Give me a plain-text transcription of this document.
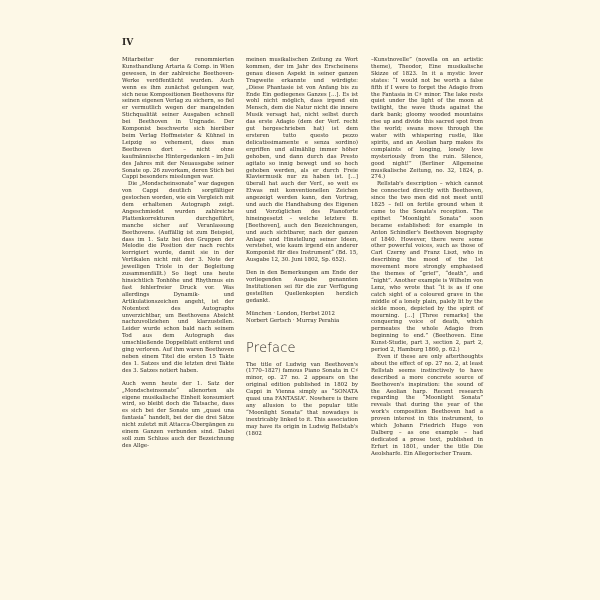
IV

Mitarbeiter der renommierten Kunsthandlung Artaria & Comp. in Wien gewesen, in der zahlreiche Beethoven-Werke veröffentlicht wurden. Auch wenn es ihm zunächst gelungen war, sich neue Kompositionen Beethovens für seinen eigenen Verlag zu sichern, so fiel er vermutlich wegen der mangelnden Stichqualität seiner Ausgaben schnell bei Beethoven in Ungnade. Der Komponist beschwerte sich hierüber beim Verlag Hoffmeister & Kühnel in Leipzig so vehement, dass man Beethoven dort – nicht ohne kaufmännische Hintergedanken – im Juli des Jahres mit der Neuausgabe seiner Sonate op. 26 zuvorkam, deren Stich bei Cappi besonders misslungen war.

Die „Mondscheinsonate“ war dagegen von Cappi deutlich sorgfältiger gestochen worden, wie ein Vergleich mit dem erhaltenen Autograph zeigt. Angeschmiedet wurden zahlreiche Plattenkorrekturen durchgeführt, manche sicher auf Veranlassung Beethovens. (Auffällig ist zum Beispiel, dass im 1. Satz bei den Gruppen der Melodie die Position der nach rechts korrigiert wurde, damit sie in der Vertikalen nicht mit der 3. Note der jeweiligen Triole in der Begleitung zusammenfällt.) So liegt uns heute hinsichtlich Tonhöhe und Rhythmus ein fast fehlerfreier Druck vor. Was allerdings Dynamik- und Artikulationszeichen angeht, ist der Notentext des Autographs unverzichtbar, um Beethovens Absicht nachzuvollziehen und klarzustellen. Leider wurde schon bald nach seinem Tod aus dem Autograph das umschließende Doppelblatt entfernt und ging verloren. Auf ihm waren Beethoven neben einem Titel die ersten 15 Takte des 1. Satzes und die letzten drei Takte des 3. Satzes notiert haben.

Auch wenn heute der 1. Satz der „Mondscheinsonate“ allenorten als eigene musikalische Einheit konsumiert wird, so bleibt doch die Tatsache, dass es sich bei der Sonate um „quasi una fantasia“ handelt, bei der die drei Sätze nicht zuletzt mit Attacca-Übergängen zu einem Ganzen verbunden sind. Dabei soll zum Schluss auch der Bezeichnung des Allge-

meinen musikalischen Zeitung zu Wort kommen, der im Jahr des Erscheinens genau diesen Aspekt in seiner ganzen Tragweite erkannte und würdigte: „Diese Phantasie ist von Anfang bis zu Ende Ein gediegenes Ganzes […]. Es ist wohl nicht möglich, dass irgend ein Mensch, dem die Natur nicht die innere Musik versagt hat, nicht selbst durch das erste Adagio (dem der Verf. recht gut hergeschrieben hat) ist dem ersteren tutto questo pezzo delicatissimamente e senza sordino) ergriffen und allmählig immer höher gehoben, und dann durch das Presto agitato so innig bewegt und so hoch gehoben werden, als er durch Freie Klaviermusik nur zu haben ist. […] überall hat auch der Verf., so weit es Etwas mit konventionellen Zeichen angezeigt werden kann, den Vortrag, und auch die Handhabung des Eigenen und Vorzüglichen des Pianoforte hineingesetzt – welche letztere B. [Beethoven], auch den Bezeichnungen, und auch sichtbarer, nach der ganzen Anlage und Hinstellung seiner Ideen, verstehet, wie kaum irgend ein anderer Komponist für dies Instrument“ (Bd. 15, Ausgabe 12, 30. Juni 1802, Sp. 652).

Den in den Bemerkungen am Ende der vorliegenden Ausgabe genannten Institutionen sei für die zur Verfügung gestellten Quellenkopien herzlich gedankt.

München · London, Herbst 2012
Norbert Gertsch · Murray Perahia

Preface

The title of Ludwig van Beethoven's (1770–1827) famous Piano Sonata in C♯ minor, op. 27 no. 2 appears on the original edition published in 1802 by Cappi in Vienna simply as “SONATA quasi una FANTASIA”. Nowhere is there any allusion to the popular title “Moonlight Sonata” that nowadays is inextricably linked to it. This association may have its origin in Ludwig Rellstab's (1802

–Kunstnovelle” (novella on an artistic theme), Theodor, Eine musikalische Skizze of 1823. In it a mystic lover states: “I would not be worth a false fifth if I were to forget the Adagio from the Fantasia in C♯ minor. The lake rests quiet under the light of the moon at twilight, the wave thuds against the dark bank; gloomy wooded mountains rise up and divide this sacred spot from the world; swans move through the water with whispering rustle, like spirits, and an Aeolian harp makes its complaints of longing, lonely love mysteriously from the ruin. Silence, good night!” (Berliner Allgemeine musikalische Zeitung, no. 32, 1824, p. 274.)

Rellstab's description – which cannot be connected directly with Beethoven, since the two men did not meet until 1825 – fell on fertile ground when it came to the Sonata's reception. The epithet “Moonlight Sonata” soon became established: for example in Anton Schindler's Beethoven biography of 1840. However, there were some other powerful voices, such as those of Carl Czerny and Franz Liszt, who in describing the mood of the 1st movement more strongly emphasised the themes of “grief”, “death”, and “night”. Another example is Wilhelm von Lenz, who wrote that “it is as if one catch sight of a coloured grave in the middle of a lonely plain, palely lit by the sickle moon, depicted by the spirit of mourning. […] [Three remarks] the conquering voice of death, which permeates the whole Adagio from beginning to end.” (Beethoven. Eine Kunst-Studie, part 3, section 2, part 2, period 2, Hamburg 1860, p. 62.)

Even if these are only afterthoughts about the effect of op. 27 no. 2, at least Rellstab seems instinctively to have described a more concrete source of Beethoven's inspiration: the sound of the Aeolian harp. Recent research regarding the “Moonlight Sonata” reveals that during the year of the work's composition Beethoven had a proven interest in this instrument, to which Johann Friedrich Hugo von Dalberg – as one example – had dedicated a prose text, published in Erfurt in 1801, under the title Die Aeolsharfe. Ein Allegorischer Traum.
